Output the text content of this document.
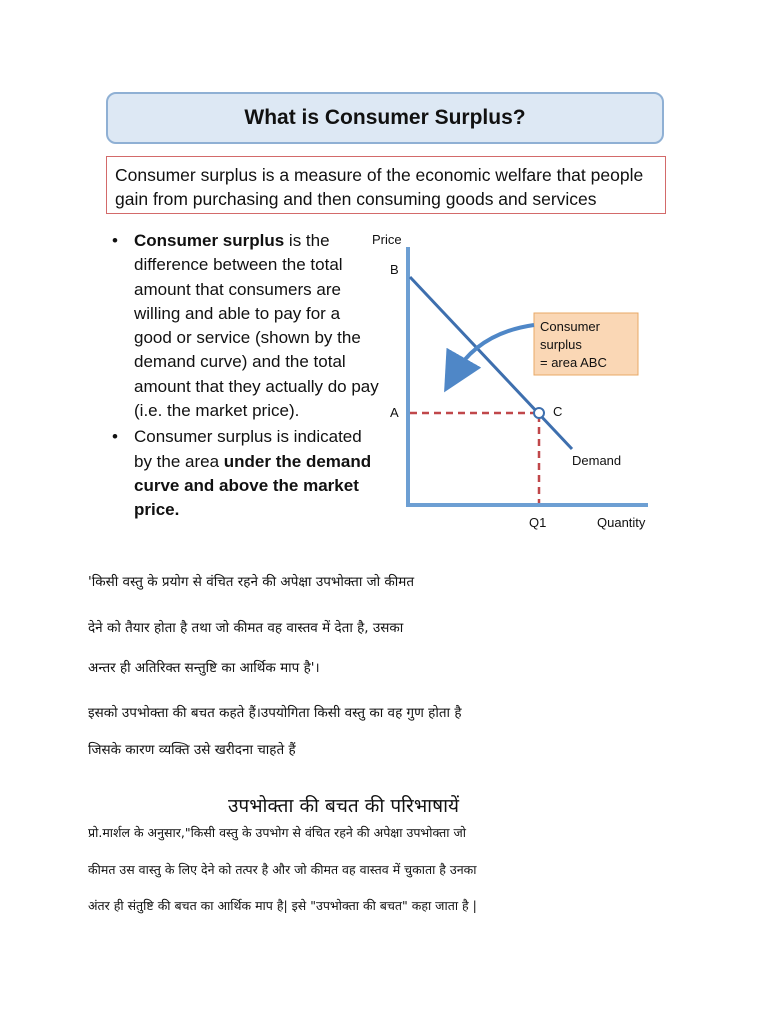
What is Consumer Surplus?
Consumer surplus is a measure of the economic welfare that people gain from purchasing and then consuming goods and services
• Consumer surplus is the difference between the total amount that consumers are willing and able to pay for a good or service (shown by the demand curve) and the total amount that they actually do pay (i.e. the market price).
• Consumer surplus is indicated by the area under the demand curve and above the market price.
Consumer
surplus
= area ABC
Price
B
A	C
Demand
Q1	Quantity
'किसी वस्तु के प्रयोग से वंचित रहने की अपेक्षा उपभोक्ता जो कीमत
देने को तैयार होता है तथा जो कीमत वह वास्तव में देता है, उसका
अन्तर ही अतिरिक्त सन्तुष्टि का आर्थिक माप है'।
इसको उपभोक्ता की बचत कहते हैं।उपयोगिता किसी वस्तु का वह गुण होता है
जिसके कारण व्यक्ति उसे खरीदना चाहते हैं
उपभोक्ता की बचत की परिभाषायें
प्रो.मार्शल के अनुसार,"किसी वस्तु के उपभोग से वंचित रहने की अपेक्षा उपभोक्ता जो
कीमत उस वास्तु के लिए देने को तत्पर है और जो कीमत वह वास्तव में चुकाता है उनका
अंतर ही संतुष्टि की बचत का आर्थिक माप है| इसे "उपभोक्ता की बचत" कहा जाता है |
